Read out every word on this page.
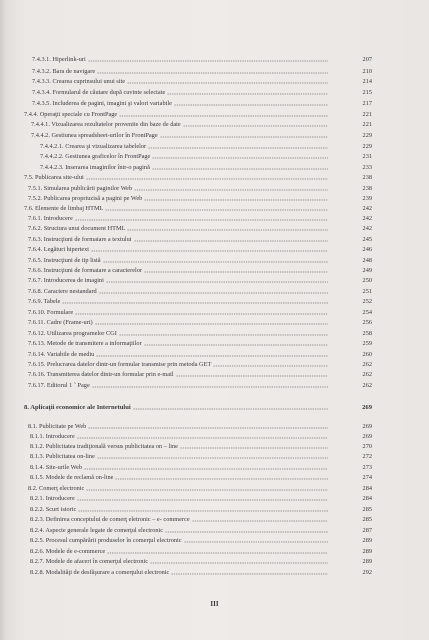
7.4.3.1. Hiperlink-uri	207
7.4.3.2. Bara de navigare	210
7.4.3.3. Crearea cuprinsului unui site	214
7.4.3.4. Formularul de căutare după cuvinte selectate	215
7.4.3.5. Includerea de pagini, imagini şi valori variabile	217
7.4.4. Operaţii speciale cu FrontPage	221
7.4.4.1. Vizualizarea rezultatelor provenite din baze de date	221
7.4.4.2. Gestiunea spreadsheet-urilor în FrontPage	229
7.4.4.2.1. Crearea şi vizualizarea tabelelor	229
7.4.4.2.2. Gestiunea graficelor în FrontPage	231
7.4.4.2.3. Inserarea imaginilor într-o pagină	233
7.5. Publicarea site-ului	238
7.5.1. Simularea publicării paginilor Web	238
7.5.2. Publicarea propriuzisă a pagini pe Web	239
7.6. Elemente de limbaj HTML	242
7.6.1. Introducere	242
7.6.2. Structura unui document HTML	242
7.6.3. Instrucţiuni de formatare a textului	245
7.6.4. Legături hipertext	246
7.6.5. Instrucţiuni de tip listă	248
7.6.6. Instrucţiuni de formatare a caracterelor	249
7.6.7. Introducerea de imagini	250
7.6.8. Caractere nestandard	251
7.6.9. Tabele	252
7.6.10. Formulare	254
7.6.11. Cadre (Frame-uri)	256
7.6.12. Utilizarea programelor CGI	258
7.6.13. Metode de transmitere a informaţiilor	259
7.6.14. Variabile de mediu	260
7.6.15. Prelucrarea datelor dintr-un formular transmise prin metoda GET	262
7.6.16. Transmiterea datelor dintr-un formular prin e-mail	262
7.6.17. Editorul 1 ˜ Page	262
8. Aplicaţii economice ale Internetului	269
8.1. Publicitate pe Web	269
8.1.1. Introducere	269
8.1.2. Publicitatea tradiţională versus publicitatea on – line	270
8.1.3. Publicitatea on-line	272
8.1.4. Site-urile Web	273
8.1.5. Modele de reclamă on-line	274
8.2. Comerţ electronic	284
8.2.1. Introducere	284
8.2.2. Scurt istoric	285
8.2.3. Definirea conceptului de comerţ eletronic – e- commerce	285
8.2.4. Aspecte generale legate de comerţul electronic	287
8.2.5. Procesul cumpărării produselor în comerţul electronic	289
8.2.6. Modele de e-commerce	289
8.2.7. Modele de afaceri în comerţul electronic	289
8.2.8. Modalităţi de desfăşurare a comerţului electronic	292
III
